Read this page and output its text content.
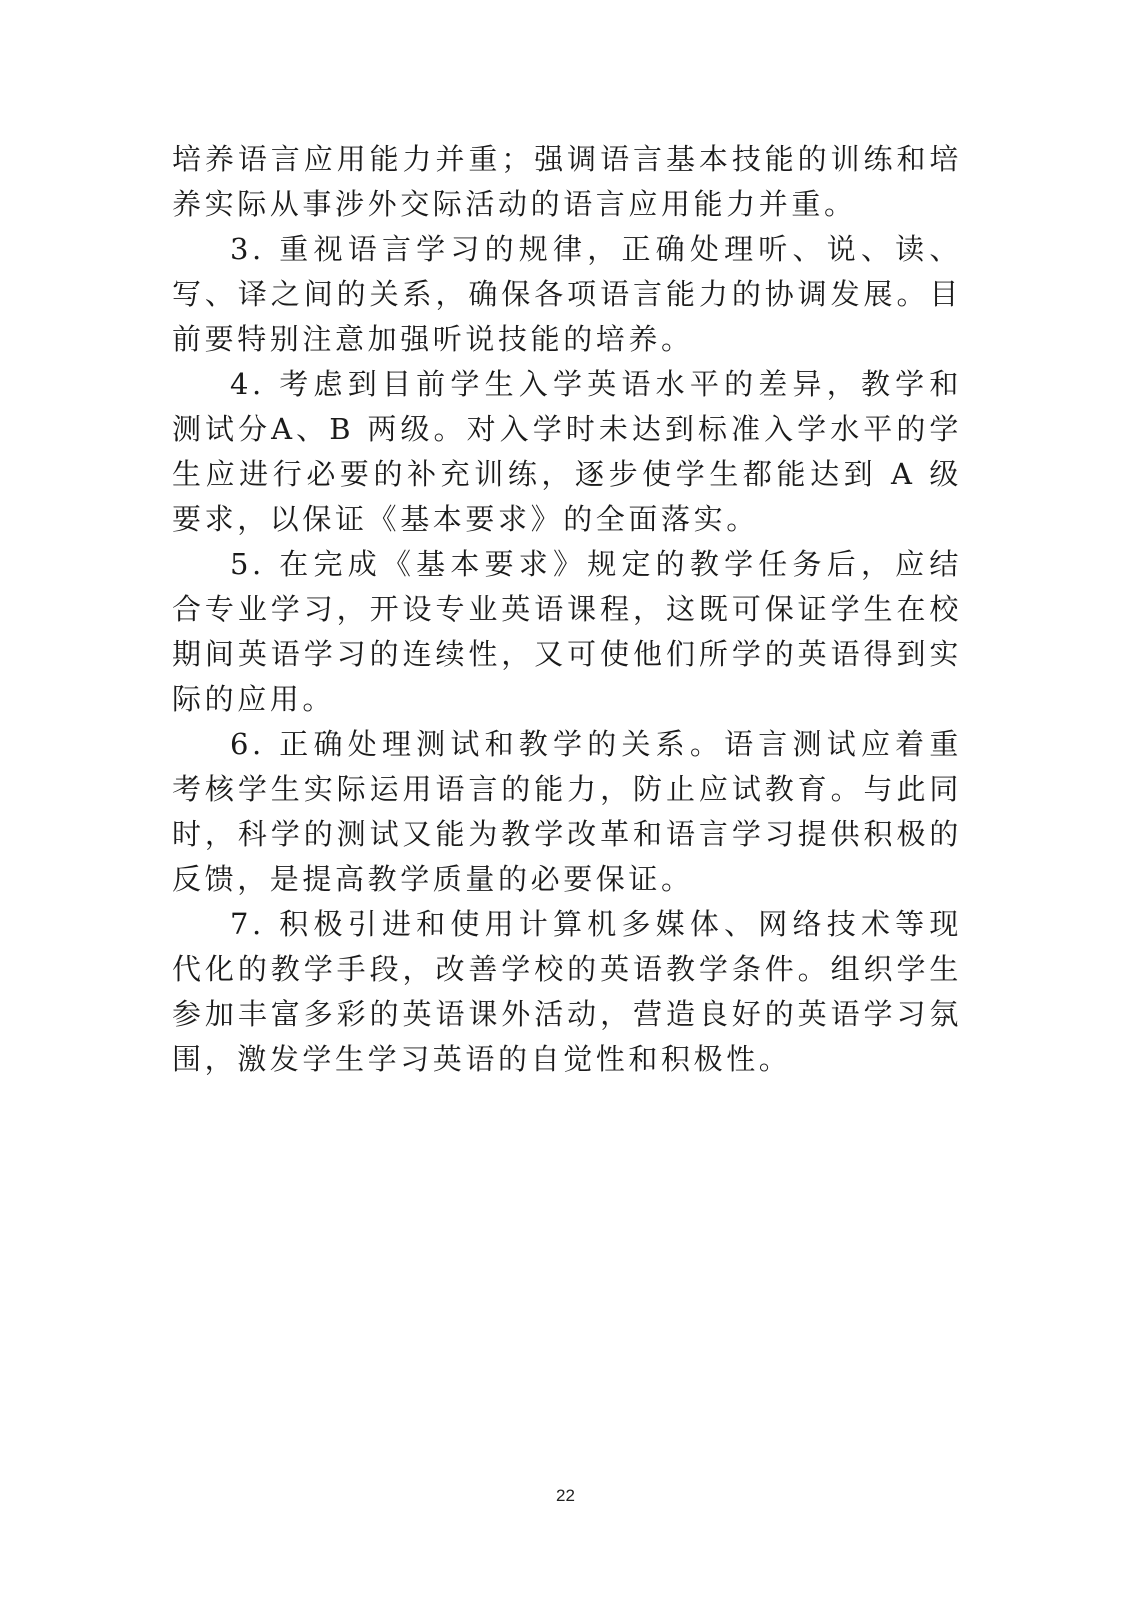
培养语言应用能力并重；强调语言基本技能的训练和培养实际从事涉外交际活动的语言应用能力并重。

3. 重视语言学习的规律，正确处理听、说、读、写、译之间的关系，确保各项语言能力的协调发展。目前要特别注意加强听说技能的培养。

4. 考虑到目前学生入学英语水平的差异，教学和测试分A、B 两级。对入学时未达到标准入学水平的学生应进行必要的补充训练，逐步使学生都能达到 A 级要求，以保证《基本要求》的全面落实。

5. 在完成《基本要求》规定的教学任务后，应结合专业学习，开设专业英语课程，这既可保证学生在校期间英语学习的连续性，又可使他们所学的英语得到实际的应用。

6. 正确处理测试和教学的关系。语言测试应着重考核学生实际运用语言的能力，防止应试教育。与此同时，科学的测试又能为教学改革和语言学习提供积极的反馈，是提高教学质量的必要保证。

7. 积极引进和使用计算机多媒体、网络技术等现代化的教学手段，改善学校的英语教学条件。组织学生参加丰富多彩的英语课外活动，营造良好的英语学习氛围，激发学生学习英语的自觉性和积极性。

22
